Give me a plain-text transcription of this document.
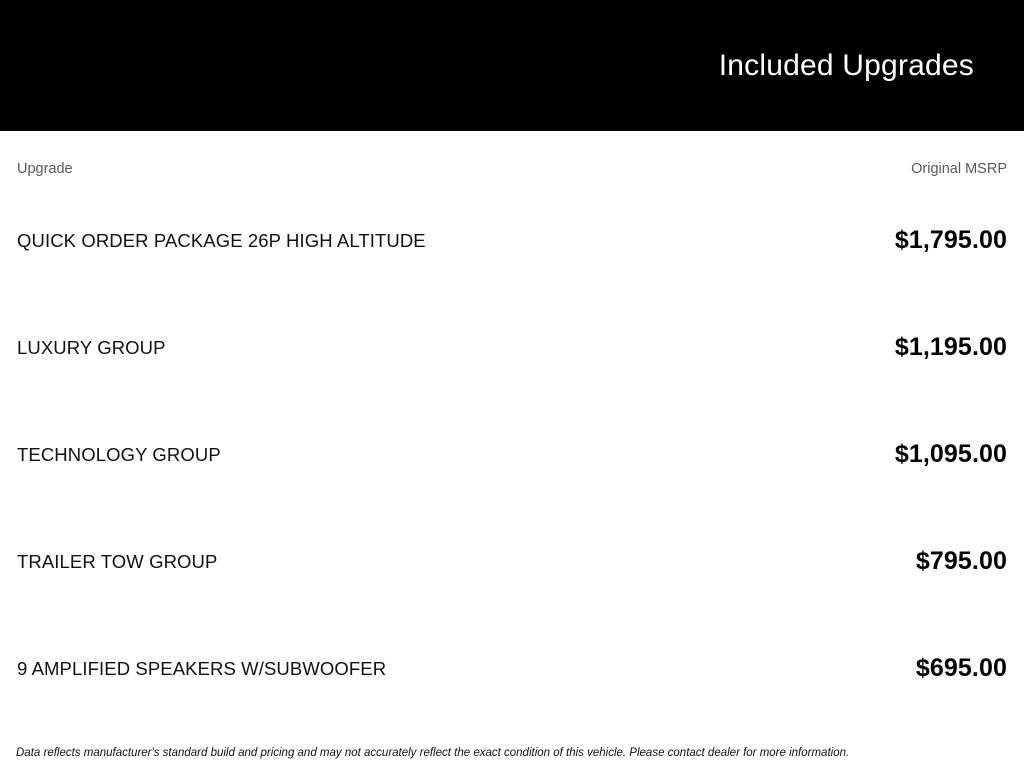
Included Upgrades
Upgrade	Original MSRP
QUICK ORDER PACKAGE 26P HIGH ALTITUDE	$1,795.00
LUXURY GROUP	$1,195.00
TECHNOLOGY GROUP	$1,095.00
TRAILER TOW GROUP	$795.00
9 AMPLIFIED SPEAKERS W/SUBWOOFER	$695.00
Data reflects manufacturer's standard build and pricing and may not accurately reflect the exact condition of this vehicle. Please contact dealer for more information.
